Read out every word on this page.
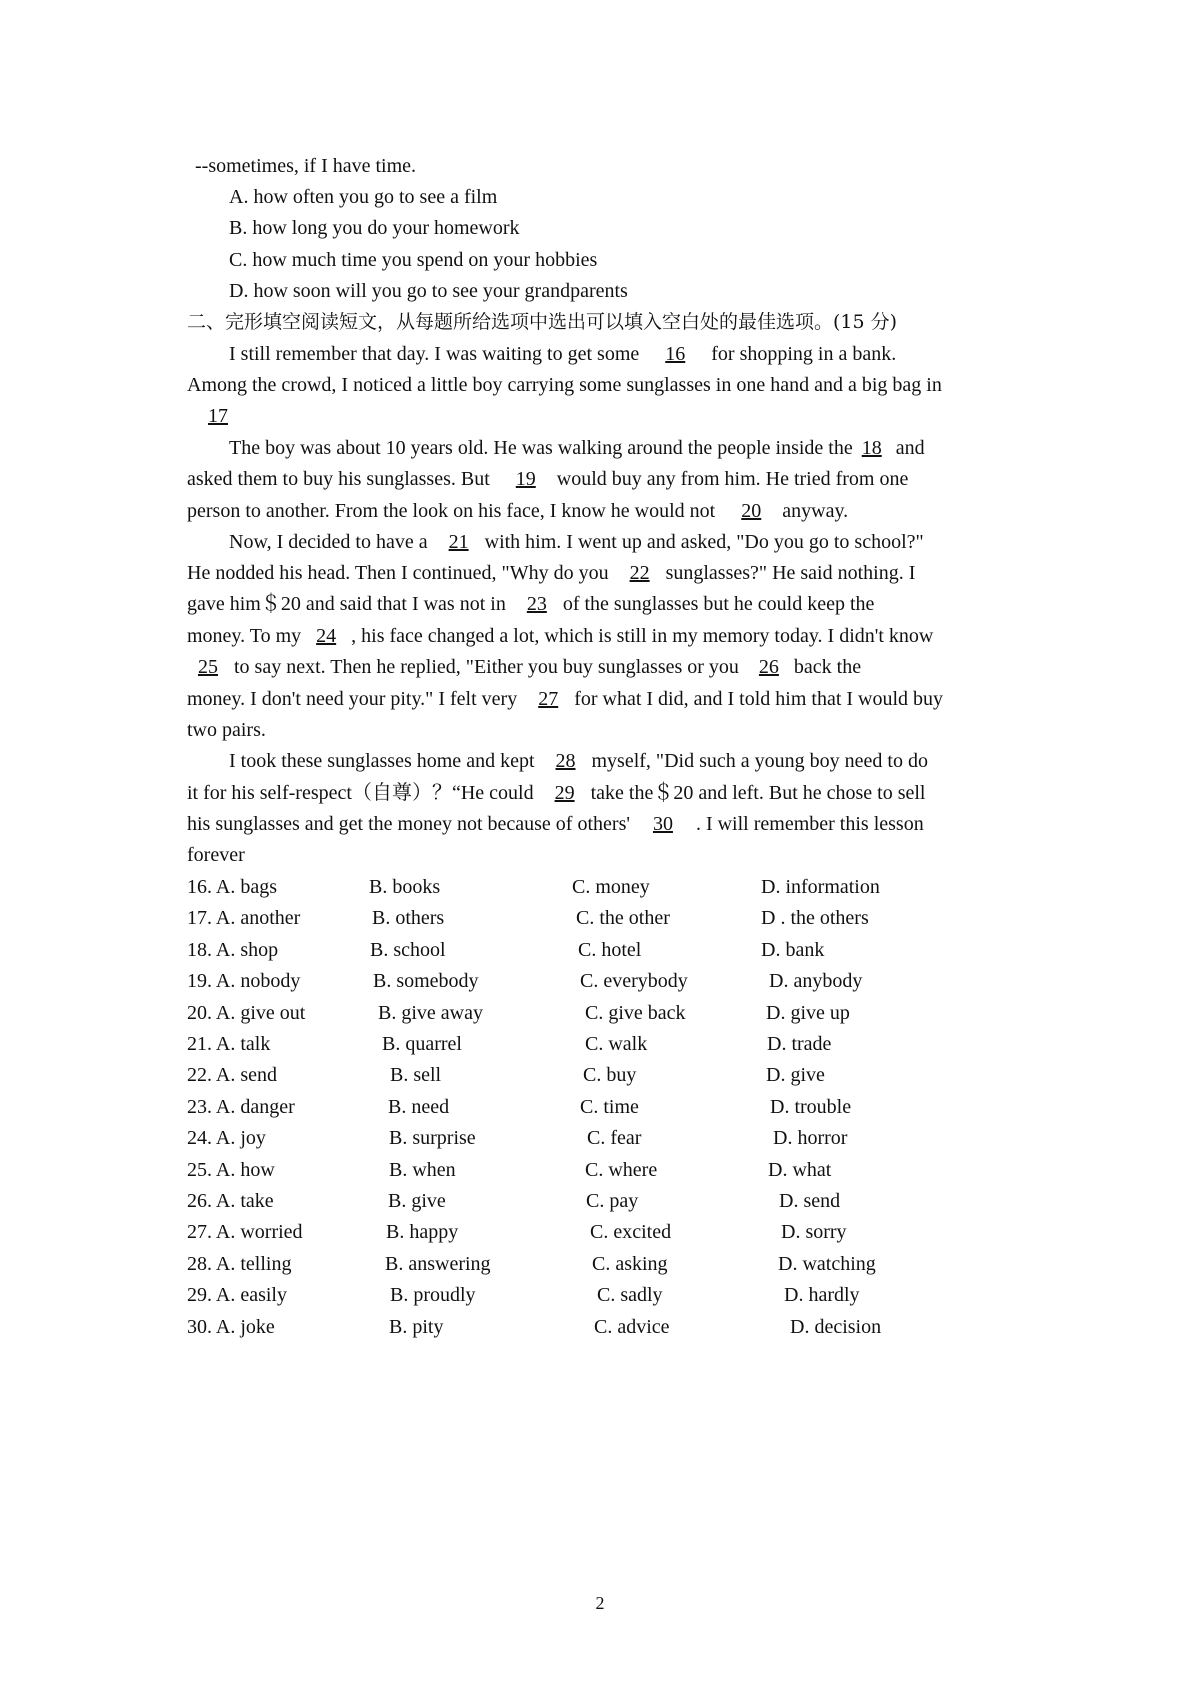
--sometimes, if I have time.
A. how often you go to see a film
B. how long you do your homework
C. how much time you spend on your hobbies
D. how soon will you go to see your grandparents
二、完形填空阅读短文，从每题所给选项中选出可以填入空白处的最佳选项。(15 分)
I still remember that day. I was waiting to get some 16 for shopping in a bank.
Among the crowd, I noticed a little boy carrying some sunglasses in one hand and a big bag in
17
The boy was about 10 years old. He was walking around the people inside the 18 and
asked them to buy his sunglasses. But 19 would buy any from him. He tried from one
person to another. From the look on his face, I know he would not 20 anyway.
Now, I decided to have a 21 with him. I went up and asked, "Do you go to school?"
He nodded his head. Then I continued, "Why do you 22 sunglasses?" He said nothing. I
gave him＄20 and said that I was not in 23 of the sunglasses but he could keep the
money. To my 24 , his face changed a lot, which is still in my memory today. I didn't know
25 to say next. Then he replied, "Either you buy sunglasses or you 26 back the
money. I don't need your pity." I felt very 27 for what I did, and I told him that I would buy
two pairs.
I took these sunglasses home and kept 28 myself, "Did such a young boy need to do
it for his self-respect（自尊）？“He could 29 take the＄20 and left. But he chose to sell
his sunglasses and get the money not because of others' 30 . I will remember this lesson
forever
16. A. bags	B. books	C. money	D. information
17. A. another	B. others	C. the other	D . the others
18. A. shop	B. school	C. hotel	D. bank
19. A. nobody	B. somebody	C. everybody	D. anybody
20. A. give out	B. give away	C. give back	D. give up
21. A. talk	B. quarrel	C. walk	D. trade
22. A. send	B. sell	C. buy	D. give
23. A. danger	B. need	C. time	D. trouble
24. A. joy	B. surprise	C. fear	D. horror
25. A. how	B. when	C. where	D. what
26. A. take	B. give	C. pay	D. send
27. A. worried	B. happy	C. excited	D. sorry
28. A. telling	B. answering	C. asking	D. watching
29. A. easily	B. proudly	C. sadly	D. hardly
30. A. joke	B. pity	C. advice	D. decision
2
